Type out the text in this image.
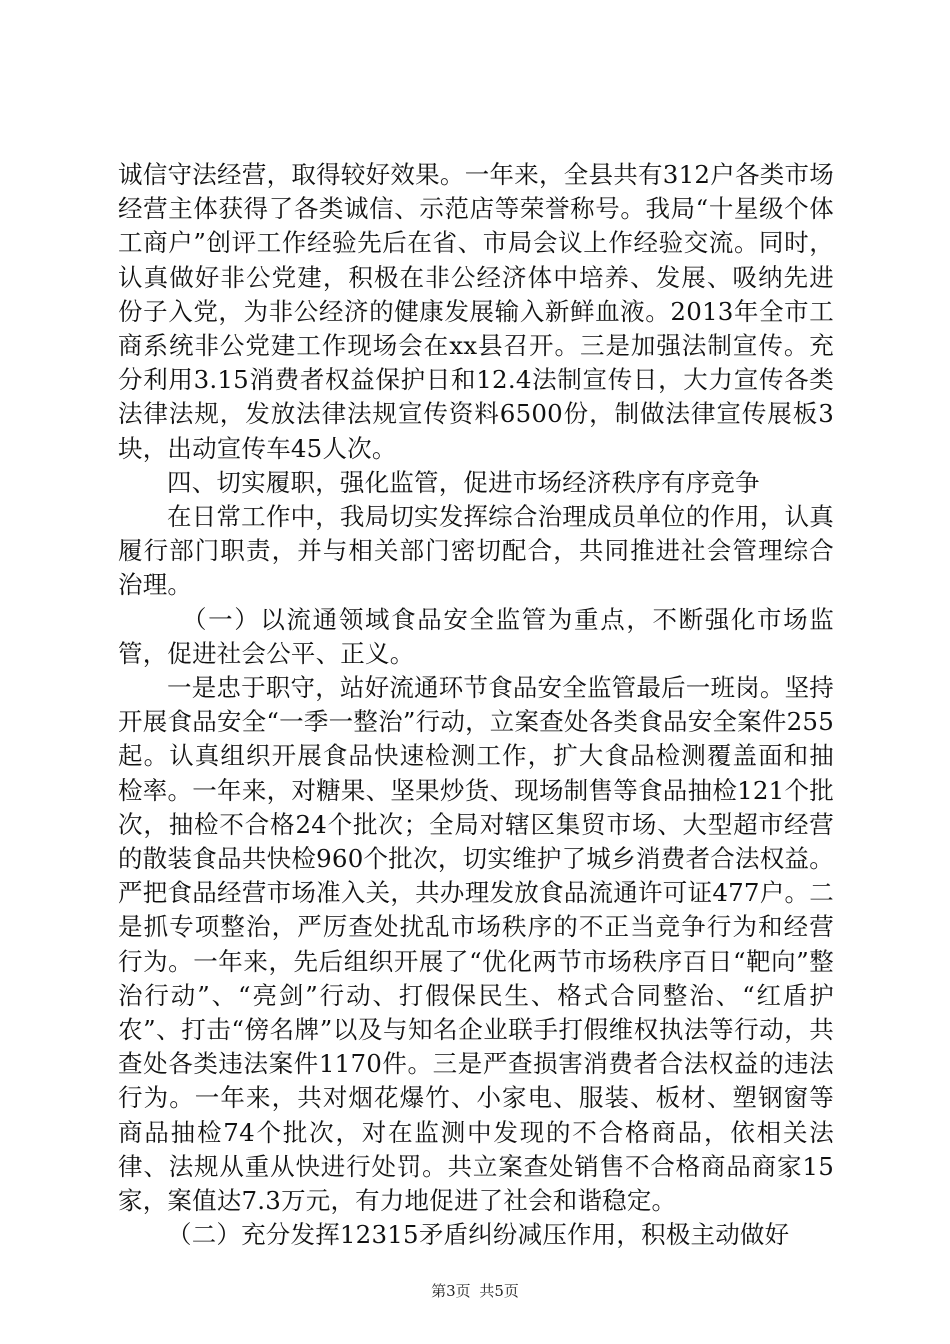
诚信守法经营，取得较好效果。一年来，全县共有312户各类市场经营主体获得了各类诚信、示范店等荣誉称号。我局“十星级个体工商户”创评工作经验先后在省、市局会议上作经验交流。同时，认真做好非公党建，积极在非公经济体中培养、发展、吸纳先进份子入党，为非公经济的健康发展输入新鲜血液。2013年全市工商系统非公党建工作现场会在xx县召开。三是加强法制宣传。充分利用3.15消费者权益保护日和12.4法制宣传日，大力宣传各类法律法规，发放法律法规宣传资料6500份，制做法律宣传展板3块，出动宣传车45人次。

四、切实履职，强化监管，促进市场经济秩序有序竞争

在日常工作中，我局切实发挥综合治理成员单位的作用，认真履行部门职责，并与相关部门密切配合，共同推进社会管理综合治理。

（一）以流通领域食品安全监管为重点，不断强化市场监管，促进社会公平、正义。

一是忠于职守，站好流通环节食品安全监管最后一班岗。坚持开展食品安全“一季一整治”行动，立案查处各类食品安全案件255起。认真组织开展食品快速检测工作，扩大食品检测覆盖面和抽检率。一年来，对糖果、坚果炒货、现场制售等食品抽检121个批次，抽检不合格24个批次；全局对辖区集贸市场、大型超市经营的散装食品共快检960个批次，切实维护了城乡消费者合法权益。严把食品经营市场准入关，共办理发放食品流通许可证477户。二是抓专项整治，严厉查处扰乱市场秩序的不正当竞争行为和经营行为。一年来，先后组织开展了“优化两节市场秩序百日“靶向”整治行动”、“亮剑”行动、打假保民生、格式合同整治、“红盾护农”、打击“傍名牌”以及与知名企业联手打假维权执法等行动，共查处各类违法案件1170件。三是严查损害消费者合法权益的违法行为。一年来，共对烟花爆竹、小家电、服装、板材、塑钢窗等商品抽检74个批次，对在监测中发现的不合格商品，依相关法律、法规从重从快进行处罚。共立案查处销售不合格商品商家15家，案值达7.3万元，有力地促进了社会和谐稳定。

（二）充分发挥12315矛盾纠纷减压作用，积极主动做好

第3页 共5页
